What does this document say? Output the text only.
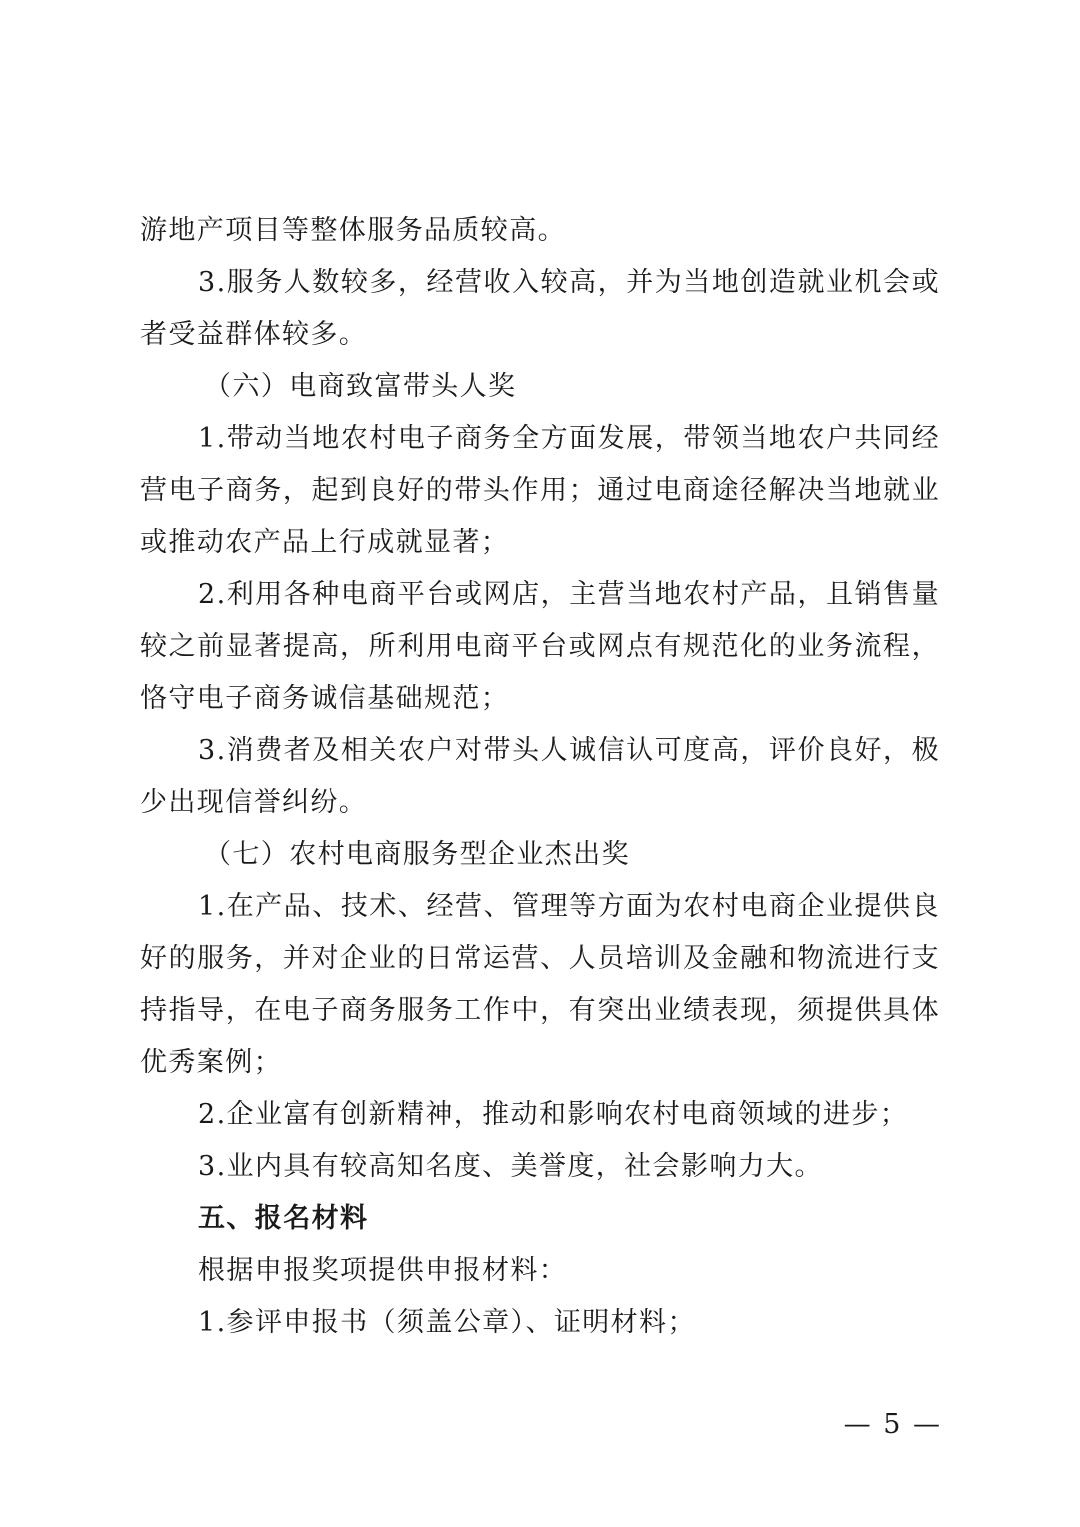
游地产项目等整体服务品质较高。
3.服务人数较多，经营收入较高，并为当地创造就业机会或
者受益群体较多。
（六）电商致富带头人奖
1.带动当地农村电子商务全方面发展，带领当地农户共同经
营电子商务，起到良好的带头作用；通过电商途径解决当地就业
或推动农产品上行成就显著；
2.利用各种电商平台或网店，主营当地农村产品，且销售量
较之前显著提高，所利用电商平台或网点有规范化的业务流程，
恪守电子商务诚信基础规范；
3.消费者及相关农户对带头人诚信认可度高，评价良好，极
少出现信誉纠纷。
（七）农村电商服务型企业杰出奖
1.在产品、技术、经营、管理等方面为农村电商企业提供良
好的服务，并对企业的日常运营、人员培训及金融和物流进行支
持指导，在电子商务服务工作中，有突出业绩表现，须提供具体
优秀案例；
2.企业富有创新精神，推动和影响农村电商领域的进步；
3.业内具有较高知名度、美誉度，社会影响力大。
五、报名材料
根据申报奖项提供申报材料：
1.参评申报书（须盖公章）、证明材料；
— 5 —
